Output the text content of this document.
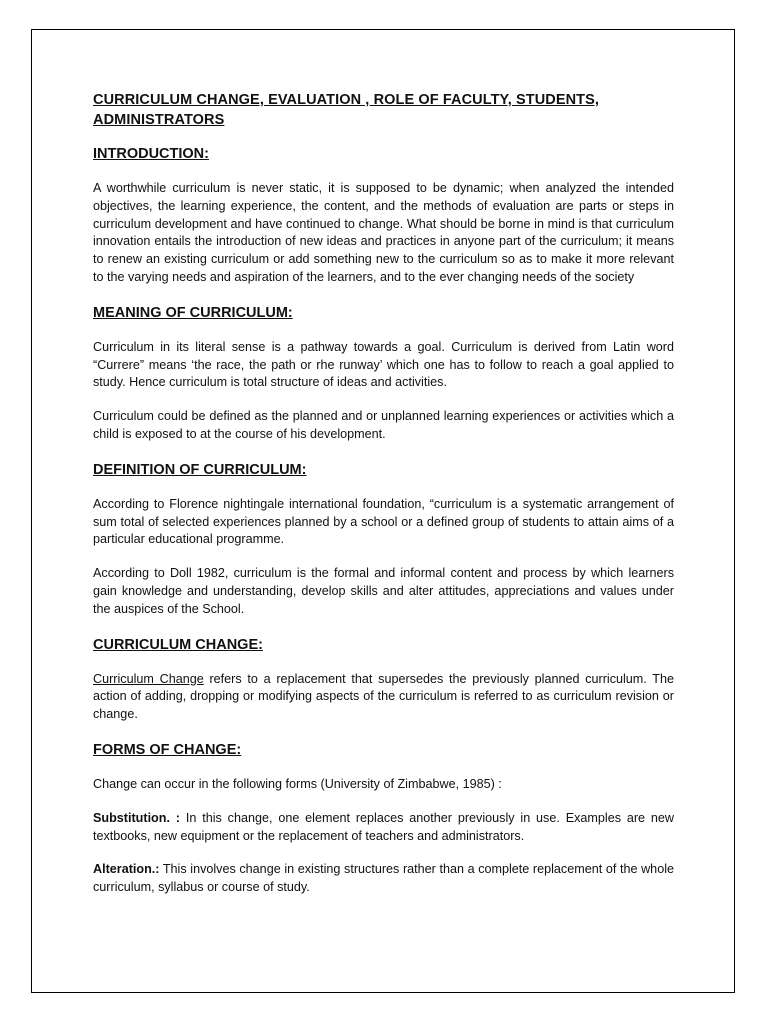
CURRICULUM CHANGE, EVALUATION , ROLE OF FACULTY, STUDENTS, ADMINISTRATORS
INTRODUCTION:

A worthwhile curriculum is never static, it is supposed to be dynamic; when analyzed the intended objectives, the learning experience, the content, and the methods of evaluation are parts or steps in curriculum development and have continued to change. What should be borne in mind is that curriculum innovation entails the introduction of new ideas and practices in anyone part of the curriculum; it means to renew an existing curriculum or add something new to the curriculum so as to make it more relevant to the varying needs and aspiration of the learners, and to the ever changing needs of the society

MEANING OF CURRICULUM:

Curriculum in its literal sense is a pathway towards a goal. Curriculum is derived from Latin word “Currere” means ‘the race, the path or rhe runway’ which one has to follow to reach a goal applied to study. Hence curriculum is total structure of ideas and activities.

Curriculum could be defined as the planned and or unplanned learning experiences or activities which a child is exposed to at the course of his development.

DEFINITION OF CURRICULUM:

According to Florence nightingale international foundation, “curriculum is a systematic arrangement of sum total of selected experiences planned by a school or a defined group of students to attain aims of a particular educational programme.

According to Doll 1982, curriculum is the formal and informal content and process by which learners gain knowledge and understanding, develop skills and alter attitudes, appreciations and values under the auspices of the School.

CURRICULUM CHANGE:

Curriculum Change refers to a replacement that supersedes the previously planned curriculum. The action of adding, dropping or modifying aspects of the curriculum is referred to as curriculum revision or change.

FORMS OF CHANGE:

Change can occur in the following forms (University of Zimbabwe, 1985) :

Substitution. : In this change, one element replaces another previously in use. Examples are new textbooks, new equipment or the replacement of teachers and administrators.

Alteration.: This involves change in existing structures rather than a complete replacement of the whole curriculum, syllabus or course of study.
